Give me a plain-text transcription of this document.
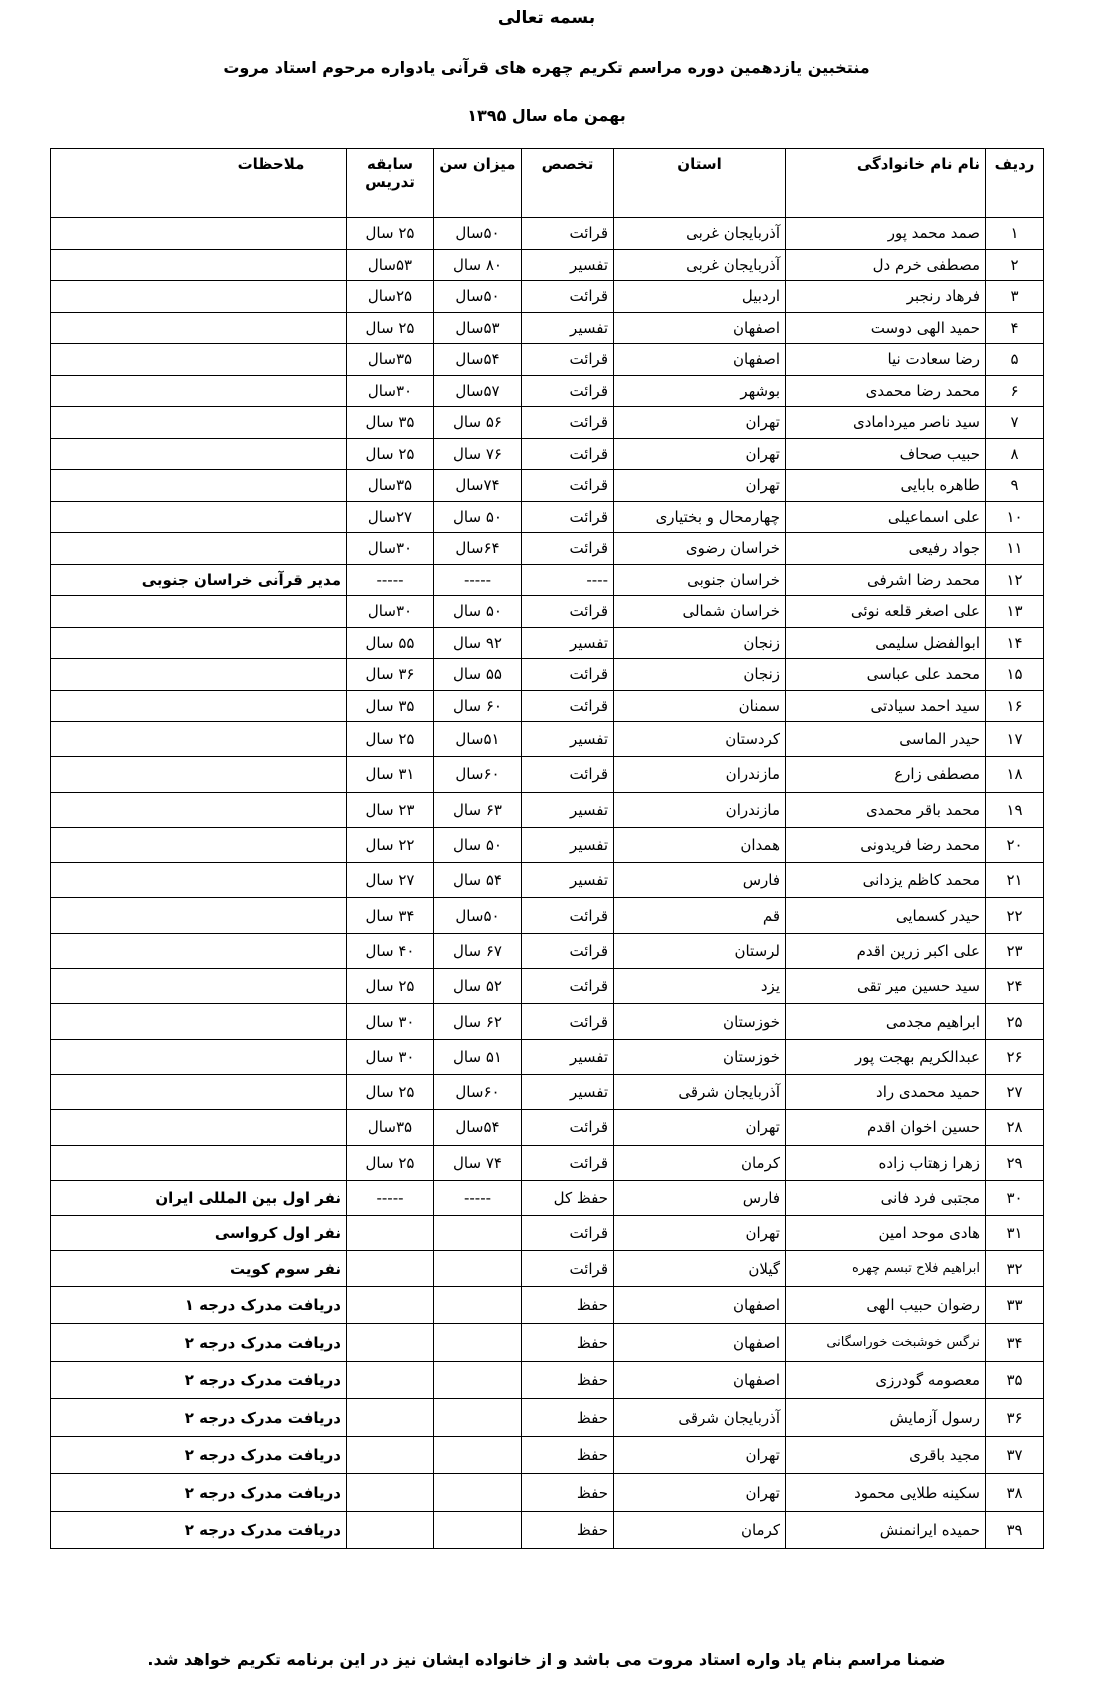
بسمه تعالی
منتخبین یازدهمین دوره مراسم تکریم چهره های قرآنی یادواره مرحوم استاد مروت
بهمن ماه سال ۱۳۹۵
ردیف	نام نام خانوادگی	استان	تخصص	میزان سن	سابقه تدریس	ملاحظات
۱	صمد محمد پور	آذربایجان غربی	قرائت	۵۰سال	۲۵ سال	
۲	مصطفی خرم دل	آذربایجان غربی	تفسیر	۸۰ سال	۵۳سال	
۳	فرهاد رنجبر	اردبیل	قرائت	۵۰سال	۲۵سال	
۴	حمید الهی دوست	اصفهان	تفسیر	۵۳سال	۲۵ سال	
۵	رضا سعادت نیا	اصفهان	قرائت	۵۴سال	۳۵سال	
۶	محمد رضا محمدی	بوشهر	قرائت	۵۷سال	۳۰سال	
۷	سید ناصر میردامادی	تهران	قرائت	۵۶ سال	۳۵ سال	
۸	حبیب صحاف	تهران	قرائت	۷۶ سال	۲۵ سال	
۹	طاهره بابایی	تهران	قرائت	۷۴سال	۳۵سال	
۱۰	علی اسماعیلی	چهارمحال و بختیاری	قرائت	۵۰ سال	۲۷سال	
۱۱	جواد رفیعی	خراسان رضوی	قرائت	۶۴سال	۳۰سال	
۱۲	محمد رضا اشرفی	خراسان جنوبی	----	-----	-----	مدیر قرآنی خراسان جنوبی
۱۳	علی اصغر قلعه نوئی	خراسان شمالی	قرائت	۵۰ سال	۳۰سال	
۱۴	ابوالفضل سلیمی	زنجان	تفسیر	۹۲ سال	۵۵ سال	
۱۵	محمد علی عباسی	زنجان	قرائت	۵۵ سال	۳۶ سال	
۱۶	سید احمد سیادتی	سمنان	قرائت	۶۰ سال	۳۵ سال	
۱۷	حیدر الماسی	کردستان	تفسیر	۵۱سال	۲۵ سال	
۱۸	مصطفی زارع	مازندران	قرائت	۶۰سال	۳۱ سال	
۱۹	محمد باقر محمدی	مازندران	تفسیر	۶۳ سال	۲۳ سال	
۲۰	محمد رضا فریدونی	همدان	تفسیر	۵۰ سال	۲۲ سال	
۲۱	محمد کاظم یزدانی	فارس	تفسیر	۵۴ سال	۲۷ سال	
۲۲	حیدر کسمایی	قم	قرائت	۵۰سال	۳۴ سال	
۲۳	علی اکبر زرین اقدم	لرستان	قرائت	۶۷ سال	۴۰ سال	
۲۴	سید حسین میر تقی	یزد	قرائت	۵۲ سال	۲۵ سال	
۲۵	ابراهیم مجدمی	خوزستان	قرائت	۶۲ سال	۳۰ سال	
۲۶	عبدالکریم بهجت پور	خوزستان	تفسیر	۵۱ سال	۳۰ سال	
۲۷	حمید محمدی راد	آذربایجان شرقی	تفسیر	۶۰سال	۲۵ سال	
۲۸	حسین اخوان اقدم	تهران	قرائت	۵۴سال	۳۵سال	
۲۹	زهرا زهتاب زاده	کرمان	قرائت	۷۴ سال	۲۵ سال	
۳۰	مجتبی فرد فانی	فارس	حفظ کل	-----	-----	نفر اول بین المللی ایران
۳۱	هادی موحد امین	تهران	قرائت			نفر اول کرواسی
۳۲	ابراهیم فلاح تبسم چهره	گیلان	قرائت			نفر سوم کویت
۳۳	رضوان حبیب الهی	اصفهان	حفظ			دریافت مدرک درجه ۱
۳۴	نرگس خوشبخت خوراسگانی	اصفهان	حفظ			دریافت مدرک درجه ۲
۳۵	معصومه گودرزی	اصفهان	حفظ			دریافت مدرک درجه ۲
۳۶	رسول آزمایش	آذربایجان شرقی	حفظ			دریافت مدرک درجه ۲
۳۷	مجید باقری	تهران	حفظ			دریافت مدرک درجه ۲
۳۸	سکینه طلایی محمود	تهران	حفظ			دریافت مدرک درجه ۲
۳۹	حمیده ایرانمنش	کرمان	حفظ			دریافت مدرک درجه ۲
ضمنا مراسم بنام یاد واره استاد مروت می باشد و از خانواده ایشان نیز در این برنامه تکریم خواهد شد.
